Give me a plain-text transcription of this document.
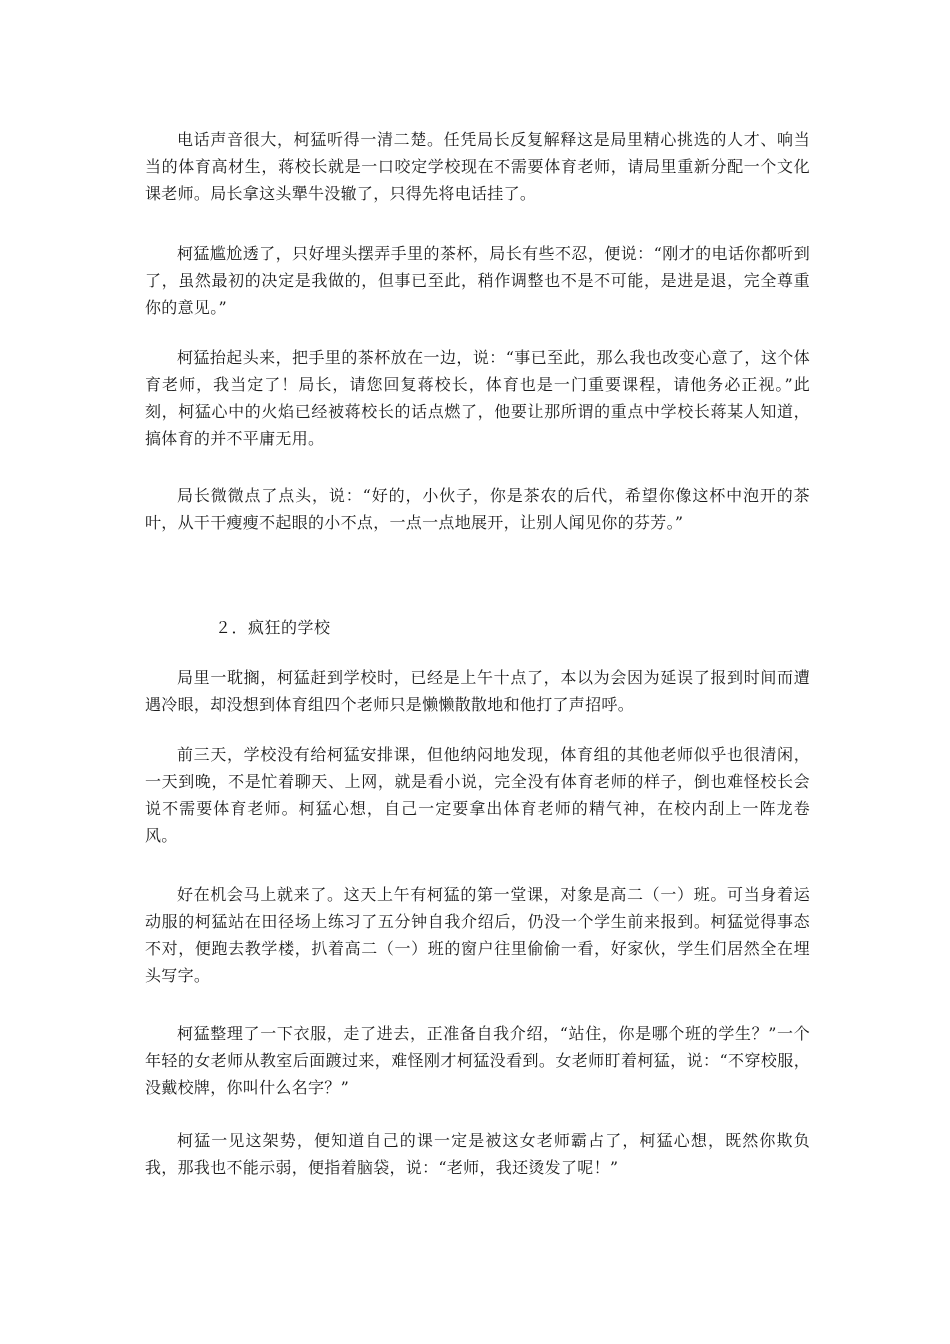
电话声音很大，柯猛听得一清二楚。任凭局长反复解释这是局里精心挑选的人才、响当当的体育高材生，蒋校长就是一口咬定学校现在不需要体育老师，请局里重新分配一个文化课老师。局长拿这头犟牛没辙了，只得先将电话挂了。

柯猛尴尬透了，只好埋头摆弄手里的茶杯，局长有些不忍，便说：“刚才的电话你都听到了，虽然最初的决定是我做的，但事已至此，稍作调整也不是不可能，是进是退，完全尊重你的意见。”

柯猛抬起头来，把手里的茶杯放在一边，说：“事已至此，那么我也改变心意了，这个体育老师，我当定了！局长，请您回复蒋校长，体育也是一门重要课程，请他务必正视。”此刻，柯猛心中的火焰已经被蒋校长的话点燃了，他要让那所谓的重点中学校长蒋某人知道，搞体育的并不平庸无用。

局长微微点了点头，说：“好的，小伙子，你是茶农的后代，希望你像这杯中泡开的茶叶，从干干瘦瘦不起眼的小不点，一点一点地展开，让别人闻见你的芬芳。”

２．疯狂的学校

局里一耽搁，柯猛赶到学校时，已经是上午十点了，本以为会因为延误了报到时间而遭遇冷眼，却没想到体育组四个老师只是懒懒散散地和他打了声招呼。

前三天，学校没有给柯猛安排课，但他纳闷地发现，体育组的其他老师似乎也很清闲，一天到晚，不是忙着聊天、上网，就是看小说，完全没有体育老师的样子，倒也难怪校长会说不需要体育老师。柯猛心想，自己一定要拿出体育老师的精气神，在校内刮上一阵龙卷风。

好在机会马上就来了。这天上午有柯猛的第一堂课，对象是高二（一）班。可当身着运动服的柯猛站在田径场上练习了五分钟自我介绍后，仍没一个学生前来报到。柯猛觉得事态不对，便跑去教学楼，扒着高二（一）班的窗户往里偷偷一看，好家伙，学生们居然全在埋头写字。

柯猛整理了一下衣服，走了进去，正准备自我介绍，“站住，你是哪个班的学生？”一个年轻的女老师从教室后面踱过来，难怪刚才柯猛没看到。女老师盯着柯猛，说：“不穿校服，没戴校牌，你叫什么名字？”

柯猛一见这架势，便知道自己的课一定是被这女老师霸占了，柯猛心想，既然你欺负我，那我也不能示弱，便指着脑袋，说：“老师，我还烫发了呢！”
